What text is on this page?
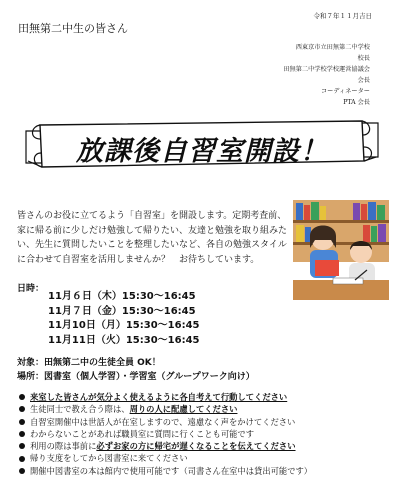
令和７年１１月吉日
田無第二中生の皆さん
西東京市立田無第二中学校
校長
田無第二中学校学校運営協議会
会長
コーディネーター
PTA 会長
放課後自習室開設！
皆さんのお役に立てるよう「自習室」を開設します。定期考査前、家に帰る前に少しだけ勉強して帰りたい、友達と勉強を取り組みたい、先生に質問したいことを整理したいなど、各自の勉強スタイルに合わせて自習室を活用しませんか？　お待ちしています。
日時：
11月６日（木）15:30～16:45
11月７日（金）15:30～16:45
11月10日（月）15:30～16:45
11月11日（火）15:30～16:45
対象：田無第二中の生徒全員 OK！
場所：図書室（個人学習）・学習室（グループワーク向け）
来室した皆さんが気分よく使えるように各自考えて行動してください
生徒同士で教え合う際は、 周りの人に配慮してください
自習室開催中は世話人が在室しますので、遠慮なく声をかけてください
わからないことがあれば職員室に質問に行くことも可能です
利用の際は事前に 必ずお家の方に帰宅が遅くなることを伝えてください
帰り支度をしてから図書室に来てください
開催中図書室の本は館内で使用可能です（司書さん在室中は貸出可能です）
